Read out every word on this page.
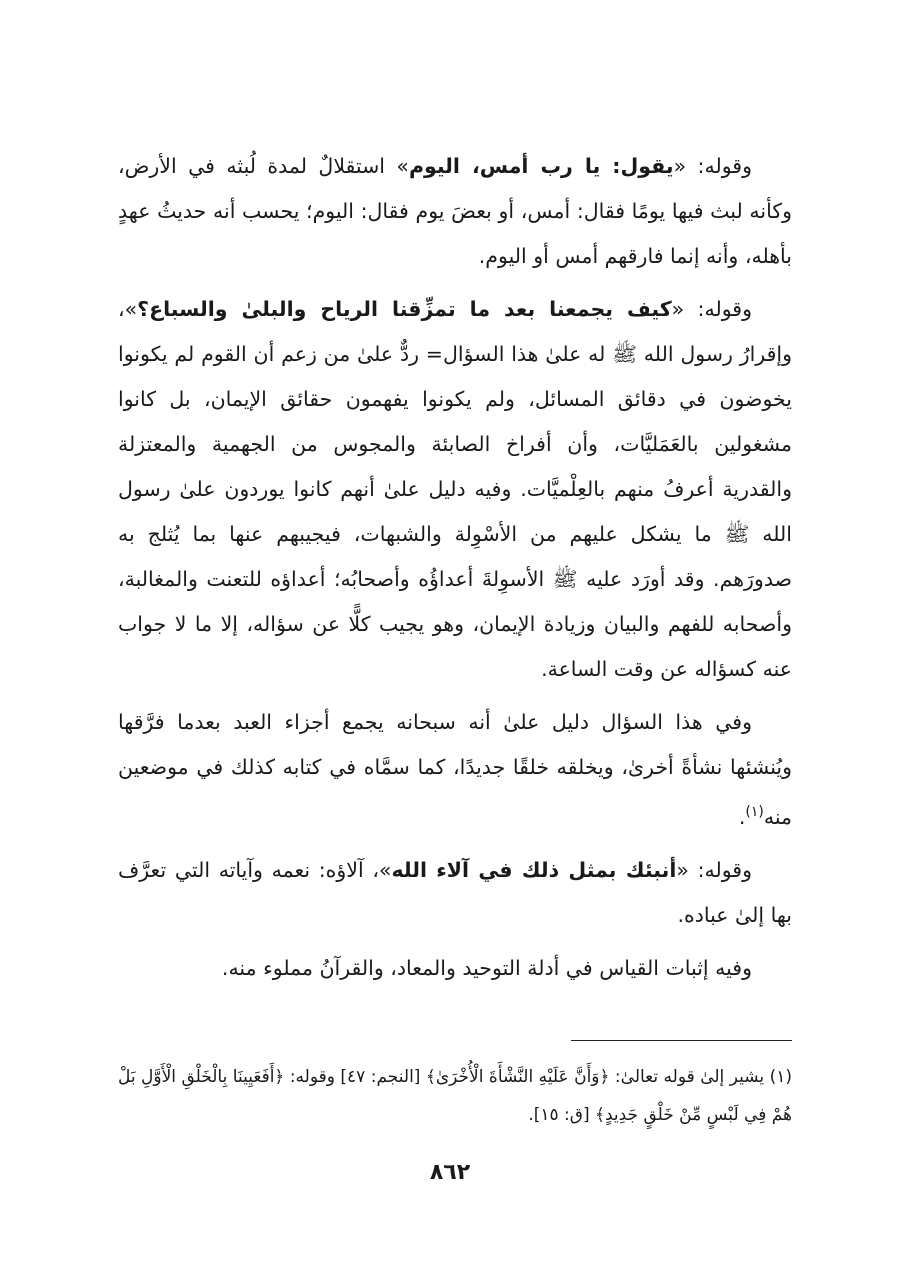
وقوله: «يقول: يا رب أمس، اليوم» استقلالٌ لمدة لُبثه في الأرض، وكأنه لبث فيها يومًا فقال: أمس، أو بعضَ يوم فقال: اليوم؛ يحسب أنه حديثُ عهدٍ بأهله، وأنه إنما فارقهم أمس أو اليوم.

وقوله: «كيف يجمعنا بعد ما تمزِّقنا الرياح والبلىٰ والسباع؟»، وإقرارُ رسول الله ﷺ له علىٰ هذا السؤال= ردٌّ علىٰ من زعم أن القوم لم يكونوا يخوضون في دقائق المسائل، ولم يكونوا يفهمون حقائق الإيمان، بل كانوا مشغولين بالعَمَليَّات، وأن أفراخ الصابئة والمجوس من الجهمية والمعتزلة والقدرية أعرفُ منهم بالعِلْميَّات. وفيه دليل علىٰ أنهم كانوا يوردون علىٰ رسول الله ﷺ ما يشكل عليهم من الأسْوِلة والشبهات، فيجيبهم عنها بما يُثلج به صدورَهم. وقد أورَد عليه ﷺ الأسوِلةَ أعداؤُه وأصحابُه؛ أعداؤه للتعنت والمغالبة، وأصحابه للفهم والبيان وزيادة الإيمان، وهو يجيب كلًّا عن سؤاله، إلا ما لا جواب عنه كسؤاله عن وقت الساعة.

وفي هذا السؤال دليل علىٰ أنه سبحانه يجمع أجزاء العبد بعدما فرَّقها ويُنشئها نشأةً أخرىٰ، ويخلقه خلقًا جديدًا، كما سمَّاه في كتابه كذلك في موضعين منه$^{(١)}$.

وقوله: «أنبئك بمثل ذلك في آلاء الله»، آلاؤه: نعمه وآياته التي تعرَّف بها إلىٰ عباده.

وفيه إثبات القياس في أدلة التوحيد والمعاد، والقرآنُ مملوء منه.

(١) يشير إلىٰ قوله تعالىٰ: ﴿وَأَنَّ عَلَيْهِ النَّشْأَةَ الْأُخْرَىٰ﴾ [النجم: ٤٧] وقوله: ﴿أَفَعَيِينَا بِالْخَلْقِ الْأَوَّلِ بَلْ هُمْ فِي لَبْسٍ مِّنْ خَلْقٍ جَدِيدٍ﴾ [ق: ١٥].

٨٦٢
